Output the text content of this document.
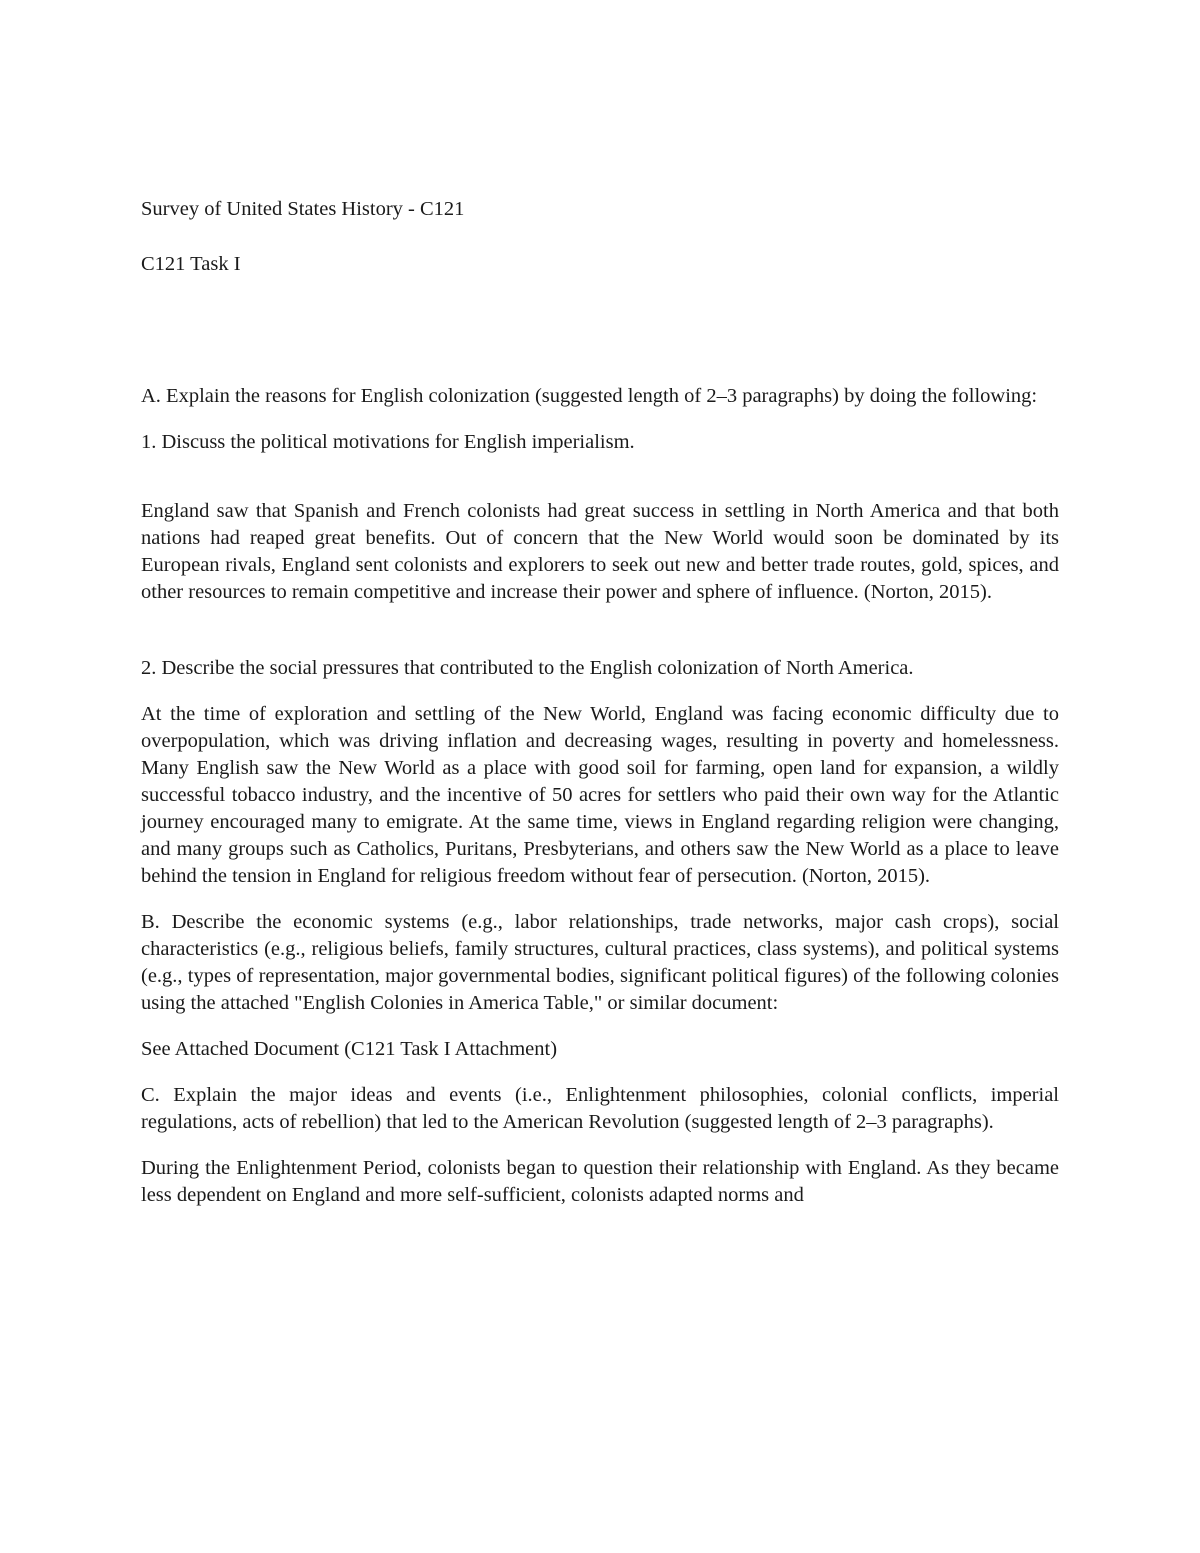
Survey of United States History - C121

C121 Task I

A. Explain the reasons for English colonization (suggested length of 2–3 paragraphs) by doing the following:

1. Discuss the political motivations for English imperialism.

England saw that Spanish and French colonists had great success in settling in North America and that both nations had reaped great benefits. Out of concern that the New World would soon be dominated by its European rivals, England sent colonists and explorers to seek out new and better trade routes, gold, spices, and other resources to remain competitive and increase their power and sphere of influence. (Norton, 2015).

2. Describe the social pressures that contributed to the English colonization of North America.

At the time of exploration and settling of the New World, England was facing economic difficulty due to overpopulation, which was driving inflation and decreasing wages, resulting in poverty and homelessness. Many English saw the New World as a place with good soil for farming, open land for expansion, a wildly successful tobacco industry, and the incentive of 50 acres for settlers who paid their own way for the Atlantic journey encouraged many to emigrate. At the same time, views in England regarding religion were changing, and many groups such as Catholics, Puritans, Presbyterians, and others saw the New World as a place to leave behind the tension in England for religious freedom without fear of persecution. (Norton, 2015).

B. Describe the economic systems (e.g., labor relationships, trade networks, major cash crops), social characteristics (e.g., religious beliefs, family structures, cultural practices, class systems), and political systems (e.g., types of representation, major governmental bodies, significant political figures) of the following colonies using the attached "English Colonies in America Table," or similar document:

See Attached Document (C121 Task I Attachment)

C. Explain the major ideas and events (i.e., Enlightenment philosophies, colonial conflicts, imperial regulations, acts of rebellion) that led to the American Revolution (suggested length of 2–3 paragraphs).

During the Enlightenment Period, colonists began to question their relationship with England. As they became less dependent on England and more self-sufficient, colonists adapted norms and
